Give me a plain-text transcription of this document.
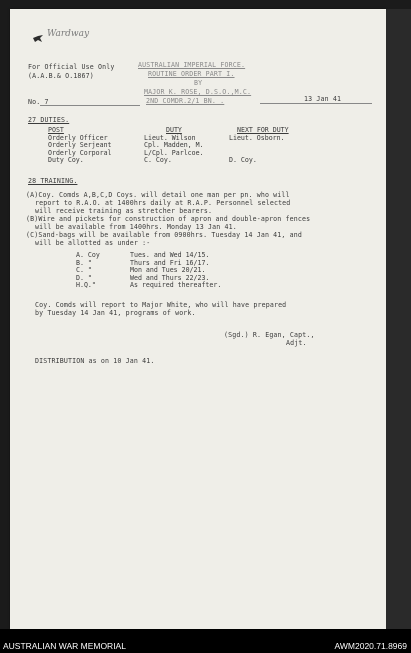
Wardway
For Official Use Only
(A.A.B.& O.1867)
AUSTRALIAN IMPERIAL FORCE.
ROUTINE ORDER PART I.
BY
MAJOR K. ROSE, D.S.O.,M.C.
2ND COMDR.2/1 BN. .
No. 7	13 Jan 41
27 DUTIES.
POST
Orderly Officer
Orderly Serjeant
Orderly Corporal
Duty Coy.
DUTY
Lieut. Wilson
Cpl. Madden, M.
L/Cpl. Parlcoe.
C. Coy.
NEXT FOR DUTY
Lieut. Osborn.

D. Coy.
28 TRAINING.
(A)Coy. Comds A,B,C,D Coys. will detail one man per pn. who will
report to R.A.O. at 1400hrs daily at R.A.P. Personnel selected
will receive training as stretcher bearers.
(B)Wire and pickets for construction of apron and double-apron fences
will be available from 1400hrs. Monday 13 Jan 41.
(C)Sand-bags will be available from 0900hrs. Tuesday 14 Jan 41, and
will be allotted as under :-
A. Coy
B. "
C. "
D. "
H.Q."
Tues. and Wed 14/15.
Thurs and Fri 16/17.
Mon and Tues 20/21.
Wed and Thurs 22/23.
As required thereafter.
Coy. Comds will report to Major White, who will have prepared
by Tuesday 14 Jan 41, programs of work.
(Sgd.) R. Egan, Capt.,
Adjt.
DISTRIBUTION as on 10 Jan 41.
AUSTRALIAN WAR MEMORIAL	AWM2020.71.8969
